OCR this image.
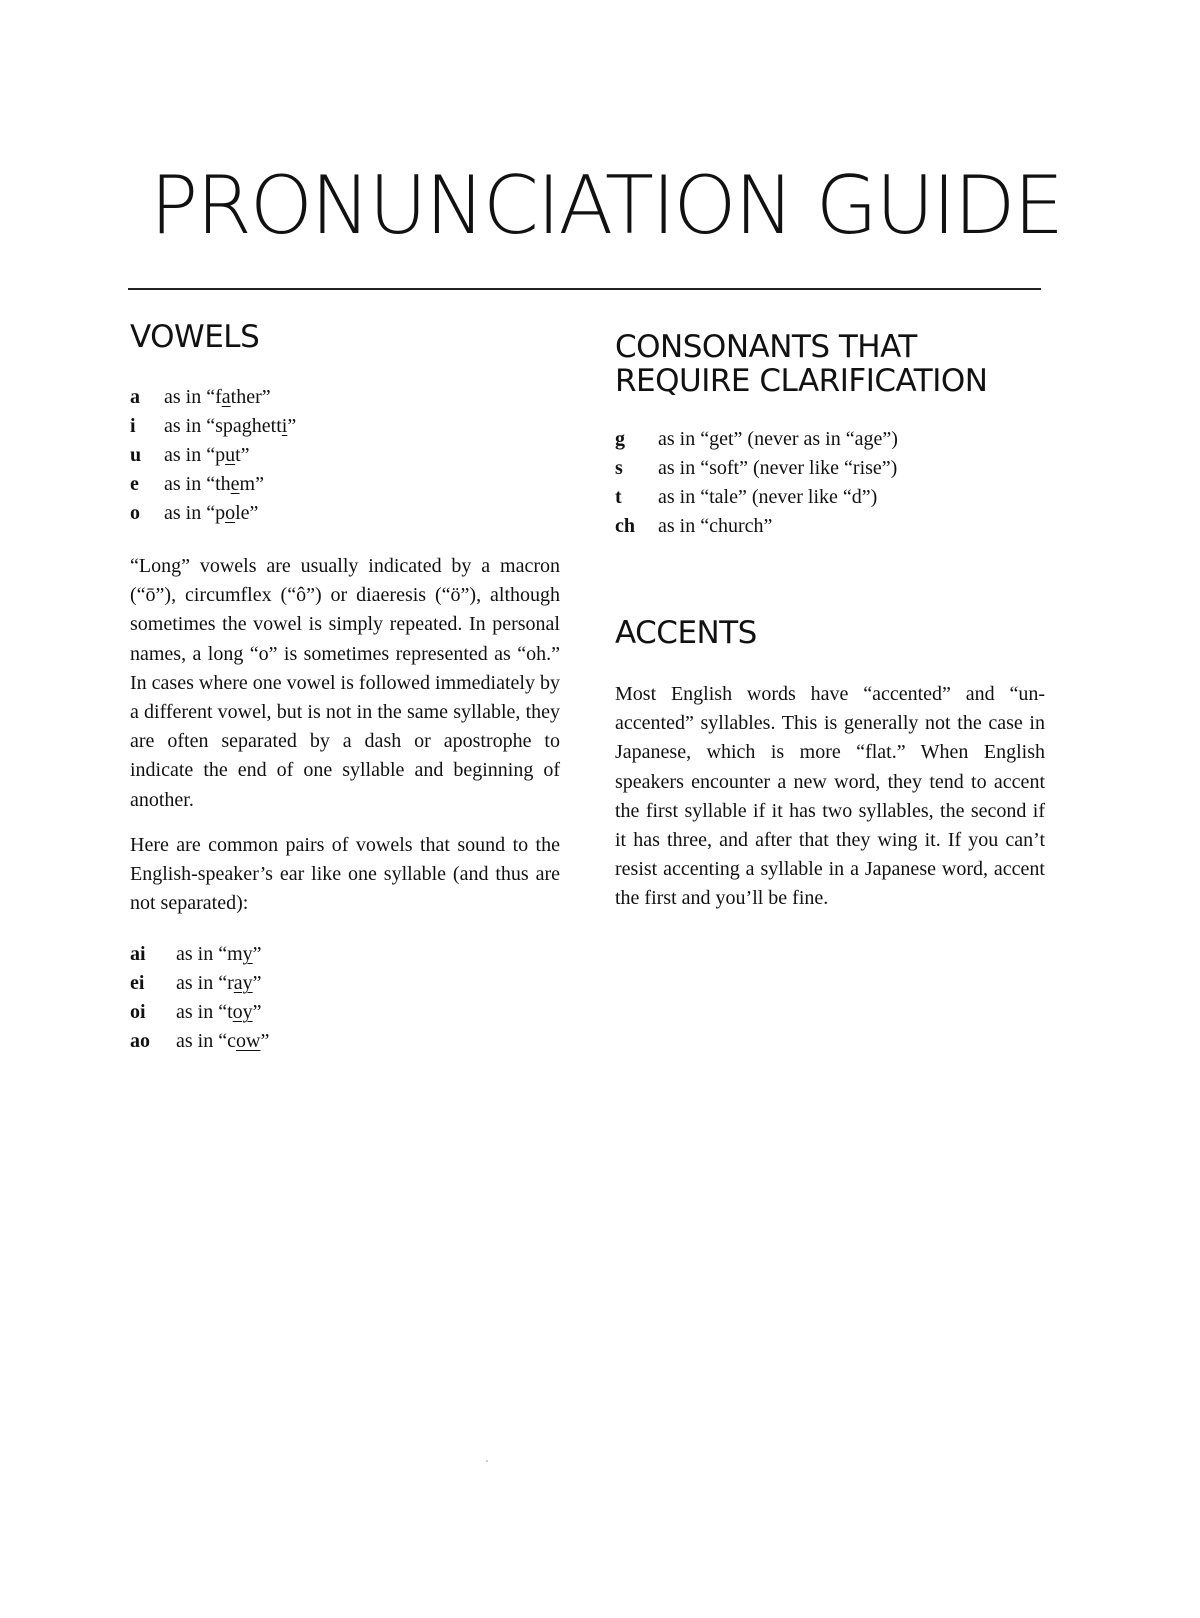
PRONUNCIATION GUIDE
VOWELS
a	as in “father”
i	as in “spaghetti”
u	as in “put”
e	as in “them”
o	as in “pole”

“Long” vowels are usually indicated by a macron (“ō”), circumflex (“ô”) or diaeresis (“ö”), although sometimes the vowel is simply repeated. In personal names, a long “o” is sometimes represented as “oh.” In cases where one vowel is followed immediately by a different vowel, but is not in the same syllable, they are often separated by a dash or apostrophe to indicate the end of one syllable and beginning of another.

Here are common pairs of vowels that sound to the English-speaker’s ear like one syllable (and thus are not separated):

ai	as in “my”
ei	as in “ray”
oi	as in “toy”
ao	as in “cow”
CONSONANTS THAT
REQUIRE CLARIFICATION
g	as in “get” (never as in “age”)
s	as in “soft” (never like “rise”)
t	as in “tale” (never like “d”)
ch	as in “church”
ACCENTS

Most English words have “accented” and “unaccented” syllables. This is generally not the case in Japanese, which is more “flat.” When English speakers encounter a new word, they tend to accent the first syllable if it has two syllables, the second if it has three, and after that they wing it. If you can’t resist accenting a syllable in a Japanese word, accent the first and you’ll be fine.
